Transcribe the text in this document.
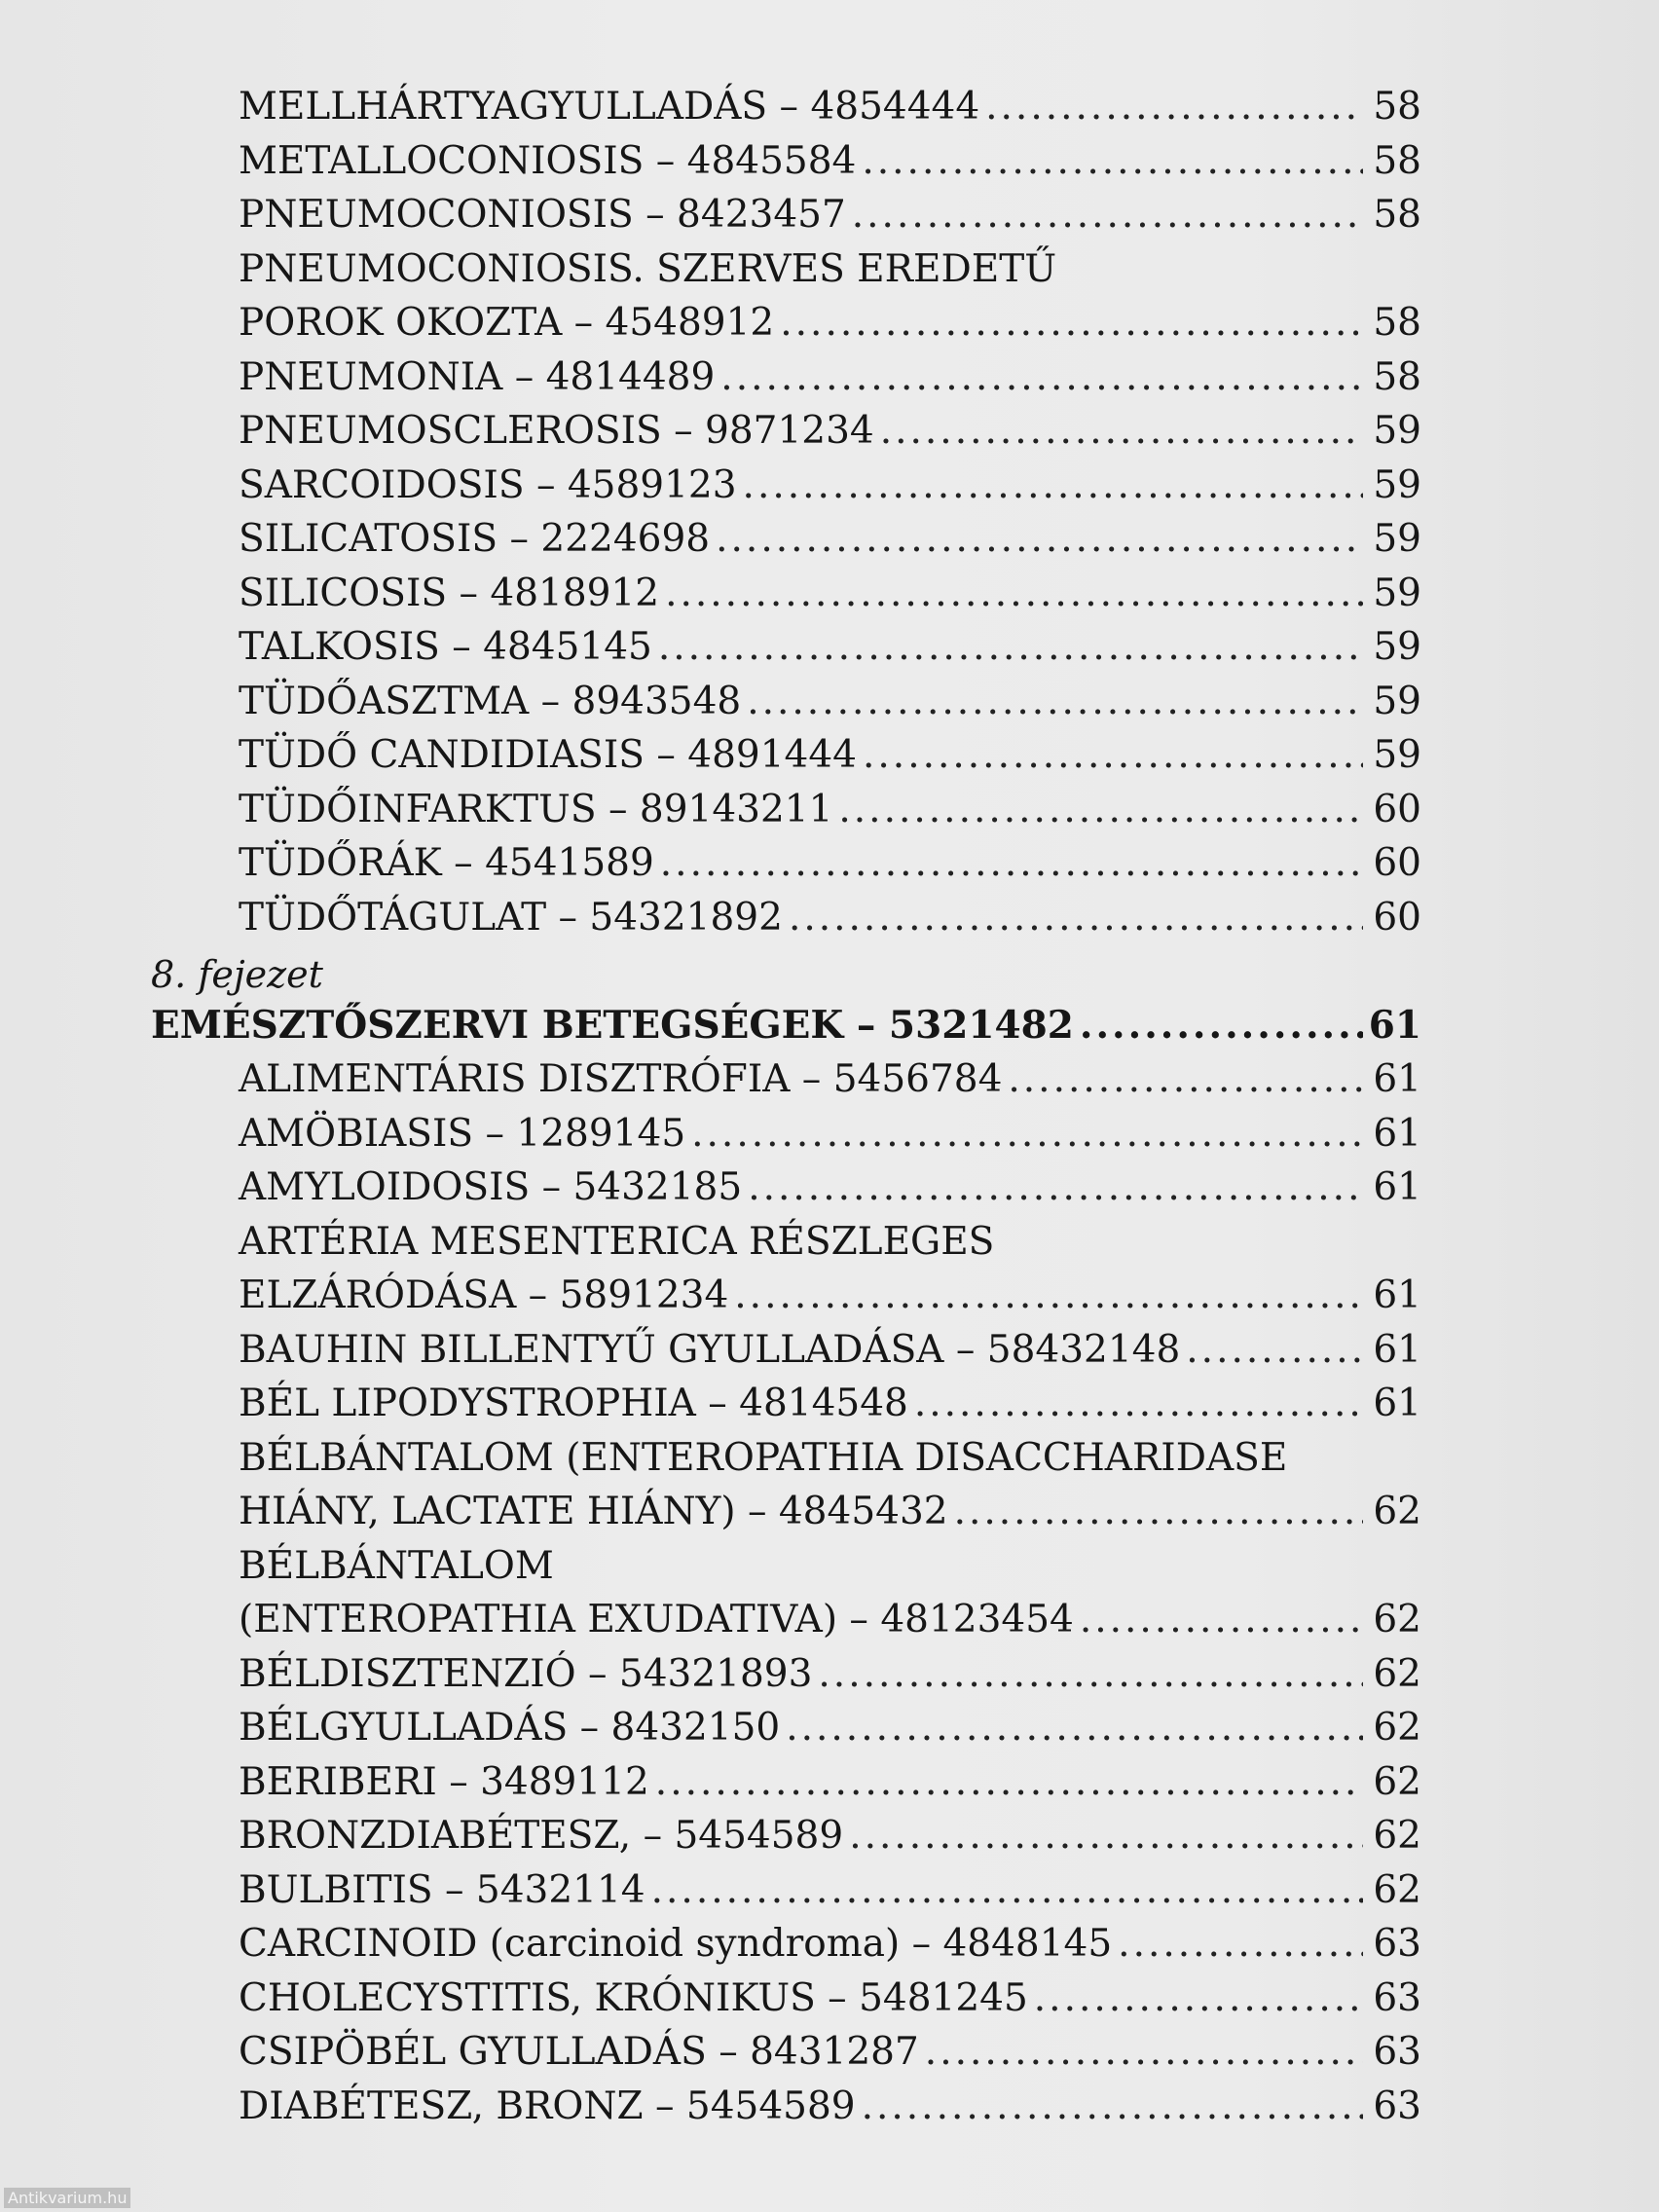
MELLHÁRTYAGYULLADÁS – 4854444 .....	58
METALLOCONIOSIS – 4845584 .....	58
PNEUMOCONIOSIS – 8423457 .....	58
PNEUMOCONIOSIS. SZERVES EREDETŰ
POROK OKOZTA – 4548912 .....	58
PNEUMONIA – 4814489 .....	58
PNEUMOSCLEROSIS – 9871234 .....	59
SARCOIDOSIS – 4589123 .....	59
SILICATOSIS – 2224698 .....	59
SILICOSIS – 4818912 .....	59
TALKOSIS – 4845145 .....	59
TÜDŐASZTMA – 8943548 .....	59
TÜDŐ CANDIDIASIS – 4891444 .....	59
TÜDŐINFARKTUS – 89143211 .....	60
TÜDŐRÁK – 4541589 .....	60
TÜDŐTÁGULAT – 54321892 .....	60
8. fejezet
EMÉSZTŐSZERVI BETEGSÉGEK – 5321482 .....	61
ALIMENTÁRIS DISZTRÓFIA – 5456784 .....	61
AMÖBIASIS – 1289145 .....	61
AMYLOIDOSIS – 5432185 .....	61
ARTÉRIA MESENTERICA RÉSZLEGES
ELZÁRÓDÁSA – 5891234 .....	61
BAUHIN BILLENTYŰ GYULLADÁSA – 58432148 .....	61
BÉL LIPODYSTROPHIA – 4814548 .....	61
BÉLBÁNTALOM (ENTEROPATHIA DISACCHARIDASE
HIÁNY, LACTATE HIÁNY) – 4845432 .....	62
BÉLBÁNTALOM
(ENTEROPATHIA EXUDATIVA) – 48123454 .....	62
BÉLDISZTENZIÓ – 54321893 .....	62
BÉLGYULLADÁS – 8432150 .....	62
BERIBERI – 3489112 .....	62
BRONZDIABÉTESZ, – 5454589 .....	62
BULBITIS – 5432114 .....	62
CARCINOID (carcinoid syndroma) – 4848145 .....	63
CHOLECYSTITIS, KRÓNIKUS – 5481245 .....	63
CSIPÖBÉL GYULLADÁS – 8431287 .....	63
DIABÉTESZ, BRONZ – 5454589 .....	63
Antikvarium.hu
